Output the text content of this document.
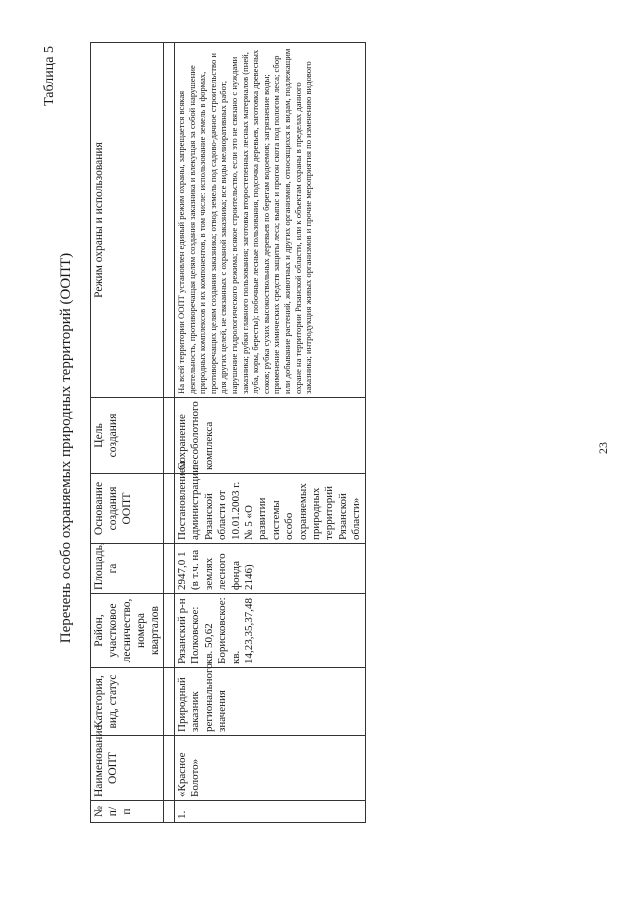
Таблица 5
Перечень особо охраняемых природных территорий (ООПТ)
№ п/ п	Наименование ООПТ	Категория, вид, статус	Район, участковое лесничество, номера кварталов	Площадь, га	Основание создания ООПТ	Цель создания	Режим охраны и использования

1.	«Красное Болото»	Природный заказник регионального значения	Рязанский р-н Полковское: кв. 50,62 Борисковское: кв. 14,23,35,37,48	2947,0 1 (в т.ч. на землях лесного фонда 2146)	Постановлением администрации Рязанской области от 10.01.2003 г. № 5 «О развитии системы особо охраняемых природных территорий Рязанской области»	Сохранение лесоболотного комплекса	На всей территории ООПТ установлен единый режим охраны, запрещается всякая деятельность, противоречащая целям создания заказника и влекущая за собой нарушение природных комплексов и их компонентов, в том числе: использование земель в формах, противоречащих целям создания заказника; отвод земель под садово-дачное строительство и для других целей, не связанных с охраной заказника; все виды мелиоративных работ, нарушение гидрологического режима; всякое строительство, если это не связано с нуждами заказника; рубки главного пользования; заготовка второстепенных лесных материалов (пней, луба, коры, бересты); побочные лесные пользования, подсочка деревьев, заготовка древесных соков; рубка сухих высокоствольных деревьев по берегам водоемов; загрязнение воды; применение химических средств защиты леса; выпас и прогон скота под пологом леса; сбор или добывание растений, животных и других организмов, относящихся к видам, подлежащим охране на территории Рязанской области, или к объектам охраны в пределах данного заказника; интродукция живых организмов и прочие мероприятия по изменению видового
23
